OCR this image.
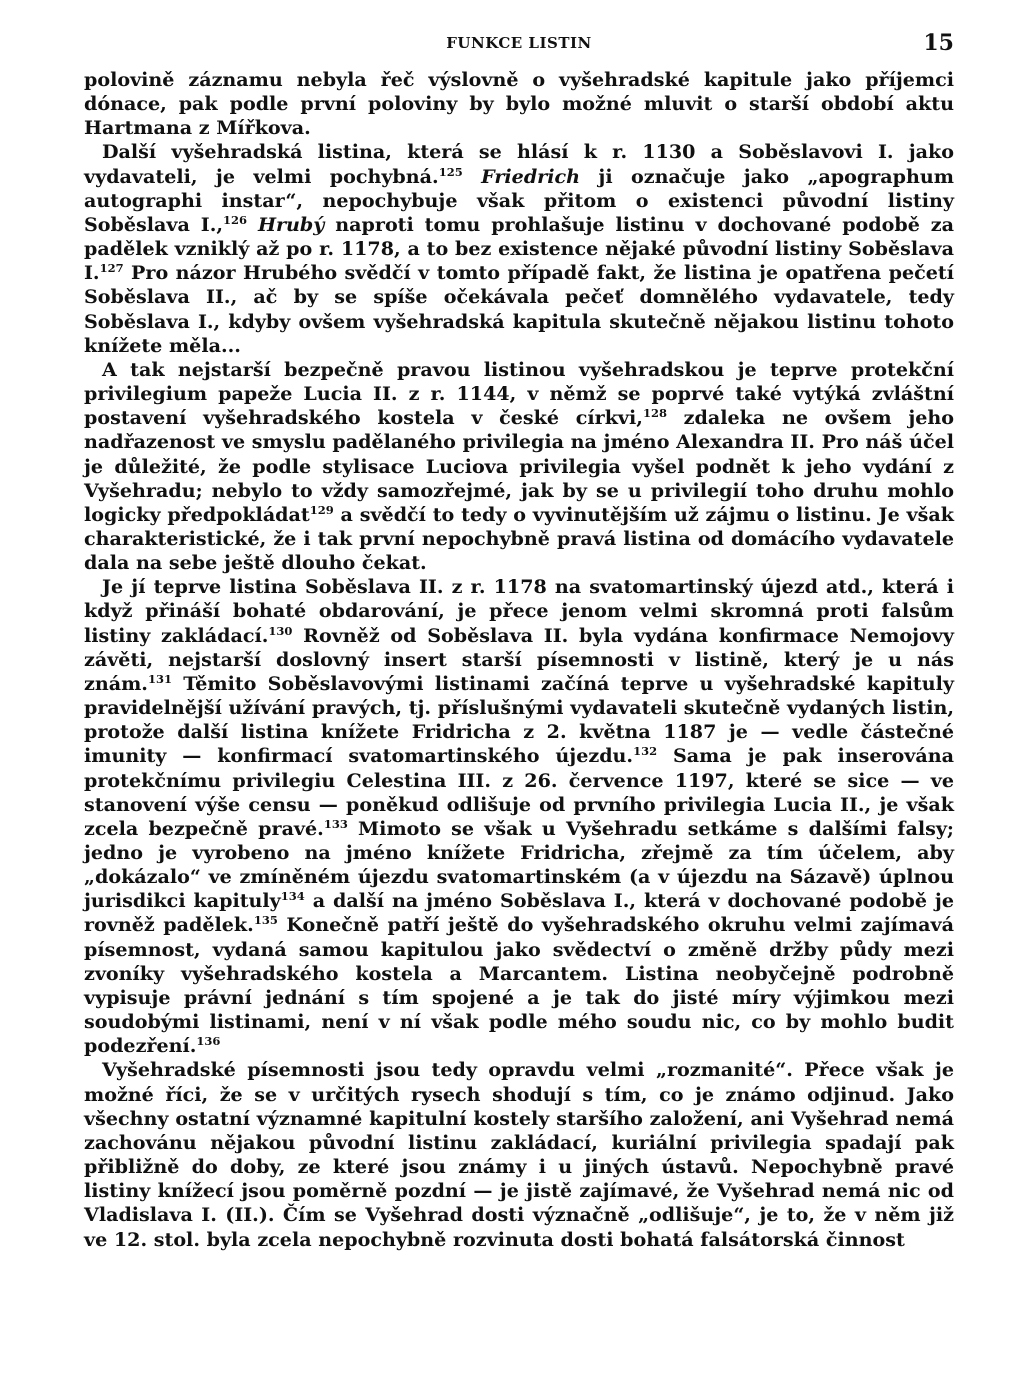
FUNKCE LISTIN	15

polovině záznamu nebyla řeč výslovně o vyšehradské kapitule jako příjemci dónace, pak podle první poloviny by bylo možné mluvit o starší období aktu Hartmana z Mířkova.

Další vyšehradská listina, která se hlásí k r. 1130 a Soběslavovi I. jako vydavateli, je velmi pochybná.$^{125}$ Friedrich ji označuje jako „apographum autographi instar“, nepochybuje však přitom o existenci původní listiny Soběslava I.,$^{126}$ Hrubý naproti tomu prohlašuje listinu v dochované podobě za padělek vzniklý až po r. 1178, a to bez existence nějaké původní listiny Soběslava I.$^{127}$ Pro názor Hrubého svědčí v tomto případě fakt, že listina je opatřena pečetí Soběslava II., ač by se spíše očekávala pečeť domnělého vydavatele, tedy Soběslava I., kdyby ovšem vyšehradská kapitula skutečně nějakou listinu tohoto knížete měla...

A tak nejstarší bezpečně pravou listinou vyšehradskou je teprve protekční privilegium papeže Lucia II. z r. 1144, v němž se poprvé také vytýká zvláštní postavení vyšehradského kostela v české církvi,$^{128}$ zdaleka ne ovšem jeho nadřazenost ve smyslu padělaného privilegia na jméno Alexandra II. Pro náš účel je důležité, že podle stylisace Luciova privilegia vyšel podnět k jeho vydání z Vyšehradu; nebylo to vždy samozřejmé, jak by se u privilegií toho druhu mohlo logicky předpokládat$^{129}$ a svědčí to tedy o vyvinutějším už zájmu o listinu. Je však charakteristické, že i tak první nepochybně pravá listina od domácího vydavatele dala na sebe ještě dlouho čekat.

Je jí teprve listina Soběslava II. z r. 1178 na svatomartinský újezd atd., která i když přináší bohaté obdarování, je přece jenom velmi skromná proti falsům listiny zakládací.$^{130}$ Rovněž od Soběslava II. byla vydána konfirmace Nemojovy závěti, nejstarší doslovný insert starší písemnosti v listině, který je u nás znám.$^{131}$ Těmito Soběslavovými listinami začíná teprve u vyšehradské kapituly pravidelnější užívání pravých, tj. příslušnými vydavateli skutečně vydaných listin, protože další listina knížete Fridricha z 2. května 1187 je — vedle částečné imunity — konfirmací svatomartinského újezdu.$^{132}$ Sama je pak inserována protekčnímu privilegiu Celestina III. z 26. července 1197, které se sice — ve stanovení výše censu — poněkud odlišuje od prvního privilegia Lucia II., je však zcela bezpečně pravé.$^{133}$ Mimoto se však u Vyšehradu setkáme s dalšími falsy; jedno je vyrobeno na jméno knížete Fridricha, zřejmě za tím účelem, aby „dokázalo“ ve zmíněném újezdu svatomartinském (a v újezdu na Sázavě) úplnou jurisdikci kapituly$^{134}$ a další na jméno Soběslava I., která v dochované podobě je rovněž padělek.$^{135}$ Konečně patří ještě do vyšehradského okruhu velmi zajímavá písemnost, vydaná samou kapitulou jako svědectví o změně držby půdy mezi zvoníky vyšehradského kostela a Marcantem. Listina neobyčejně podrobně vypisuje právní jednání s tím spojené a je tak do jisté míry výjimkou mezi soudobými listinami, není v ní však podle mého soudu nic, co by mohlo budit podezření.$^{136}$

Vyšehradské písemnosti jsou tedy opravdu velmi „rozmanité“. Přece však je možné říci, že se v určitých rysech shodují s tím, co je známo odjinud. Jako všechny ostatní významné kapitulní kostely staršího založení, ani Vyšehrad nemá zachovánu nějakou původní listinu zakládací, kuriální privilegia spadají pak přibližně do doby, ze které jsou známy i u jiných ústavů. Nepochybně pravé listiny knížecí jsou poměrně pozdní — je jistě zajímavé, že Vyšehrad nemá nic od Vladislava I. (II.). Čím se Vyšehrad dosti význačně „odlišuje“, je to, že v něm již ve 12. stol. byla zcela nepochybně rozvinuta dosti bohatá falsátorská činnost
